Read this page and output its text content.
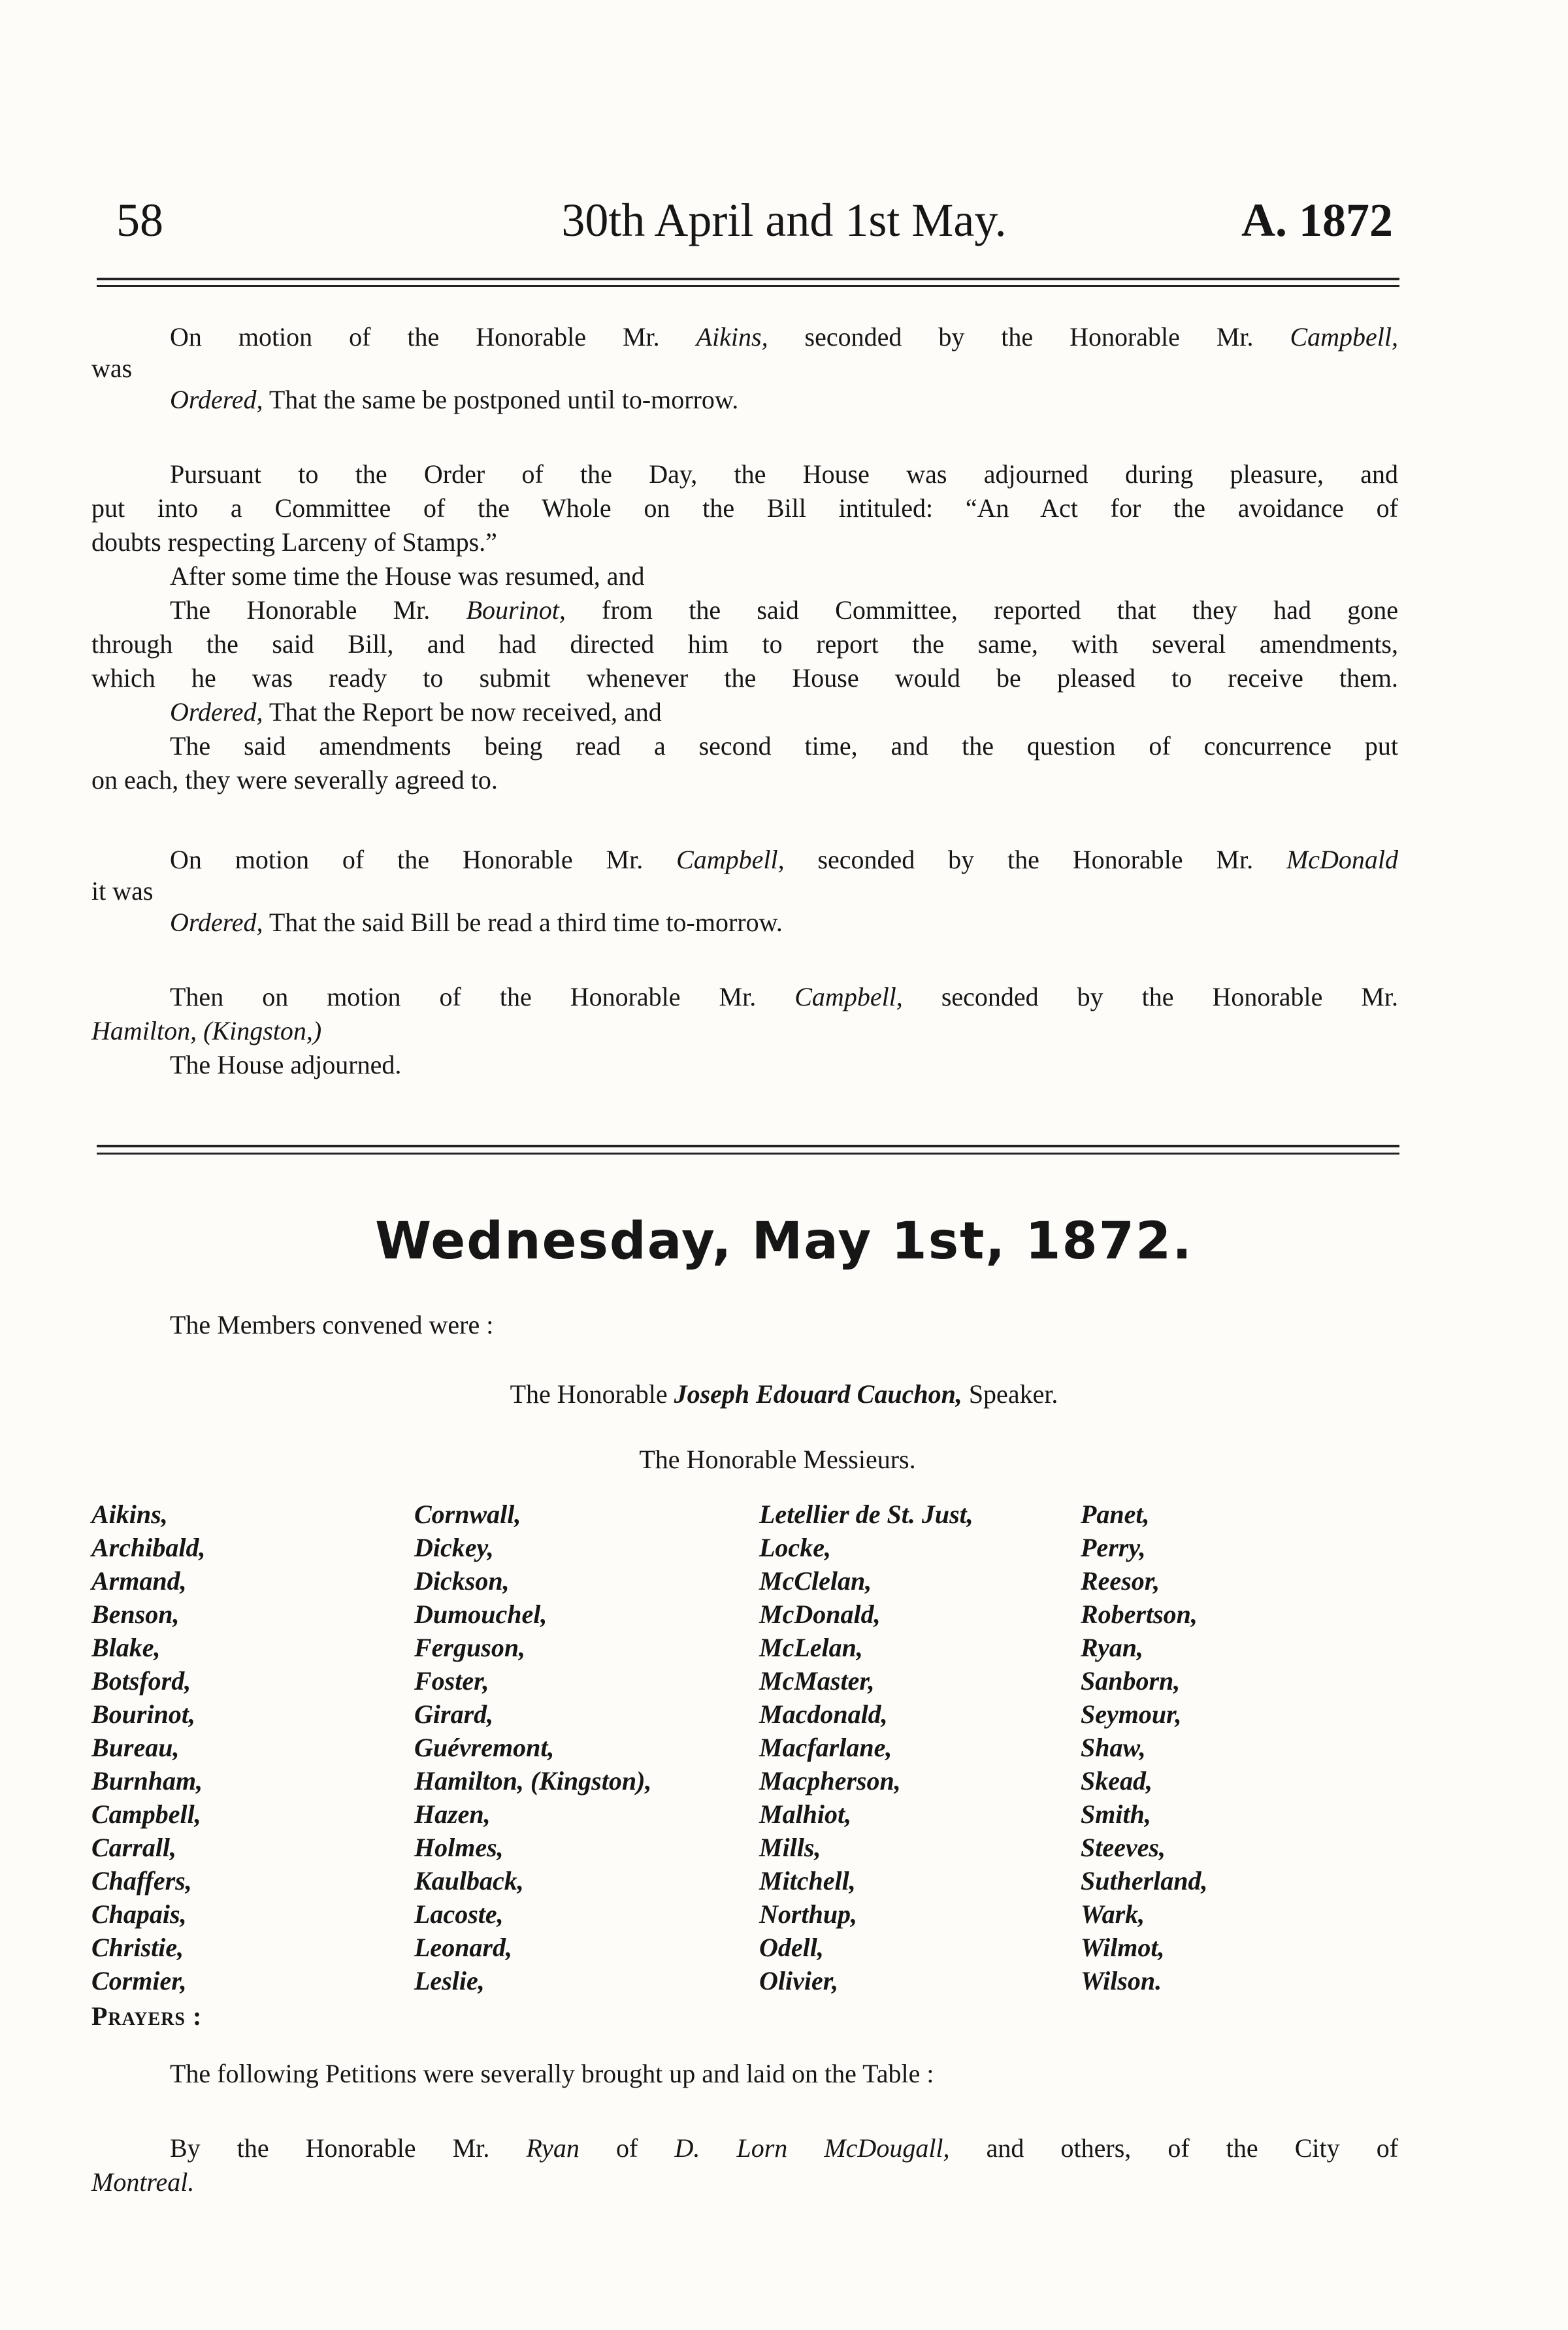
58	30th April and 1st May.	A. 1872

On motion of the Honorable Mr. Aikins, seconded by the Honorable Mr. Campbell,

was

Ordered, That the same be postponed until to-morrow.

Pursuant to the Order of the Day, the House was adjourned during pleasure, and

put into a Committee of the Whole on the Bill intituled: “An Act for the avoidance of

doubts respecting Larceny of Stamps.”

After some time the House was resumed, and

The Honorable Mr. Bourinot, from the said Committee, reported that they had gone

through the said Bill, and had directed him to report the same, with several amendments,

which he was ready to submit whenever the House would be pleased to receive them.

Ordered, That the Report be now received, and

The said amendments being read a second time, and the question of concurrence put

on each, they were severally agreed to.

On motion of the Honorable Mr. Campbell, seconded by the Honorable Mr. McDonald

it was

Ordered, That the said Bill be read a third time to-morrow.

Then on motion of the Honorable Mr. Campbell, seconded by the Honorable Mr.

Hamilton, (Kingston,)

The House adjourned.

Wednesday, May 1st, 1872.
The Members convened were :
The Honorable Joseph Edouard Cauchon, Speaker.
The Honorable Messieurs.
Aikins,
Archibald,
Armand,
Benson,
Blake,
Botsford,
Bourinot,
Bureau,
Burnham,
Campbell,
Carrall,
Chaffers,
Chapais,
Christie,
Cormier,
Cornwall,
Dickey,
Dickson,
Dumouchel,
Ferguson,
Foster,
Girard,
Guévremont,
Hamilton, (Kingston),
Hazen,
Holmes,
Kaulback,
Lacoste,
Leonard,
Leslie,
Letellier de St. Just,
Locke,
McClelan,
McDonald,
McLelan,
McMaster,
Macdonald,
Macfarlane,
Macpherson,
Malhiot,
Mills,
Mitchell,
Northup,
Odell,
Olivier,
Panet,
Perry,
Reesor,
Robertson,
Ryan,
Sanborn,
Seymour,
Shaw,
Skead,
Smith,
Steeves,
Sutherland,
Wark,
Wilmot,
Wilson.
Prayers :
The following Petitions were severally brought up and laid on the Table :

By the Honorable Mr. Ryan of D. Lorn McDougall, and others, of the City of

Montreal.
